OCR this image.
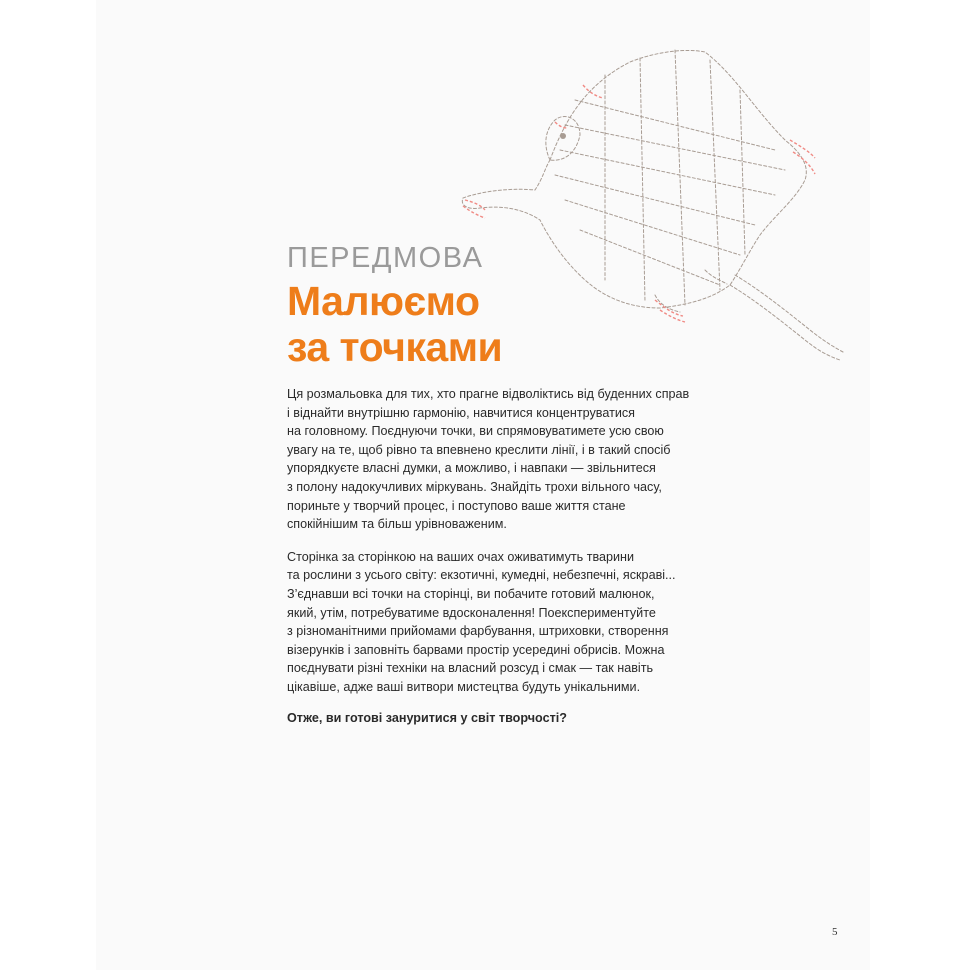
ПЕРЕДМОВА
Малюємо
за точками

Ця розмальовка для тих, хто прагне відволіктись від буденних справ
і віднайти внутрішню гармонію, навчитися концентруватися
на головному. Поєднуючи точки, ви спрямовуватимете усю свою
увагу на те, щоб рівно та впевнено креслити лінії, і в такий спосіб
упорядкуєте власні думки, а можливо, і навпаки — звільнитеся
з полону надокучливих міркувань. Знайдіть трохи вільного часу,
пориньте у творчий процес, і поступово ваше життя стане
спокійнішим та більш урівноваженим.

Сторінка за сторінкою на ваших очах оживатимуть тварини
та рослини з усього світу: екзотичні, кумедні, небезпечні, яскраві...
З’єднавши всі точки на сторінці, ви побачите готовий малюнок,
який, утім, потребуватиме вдосконалення! Поекспериментуйте
з різноманітними прийомами фарбування, штриховки, створення
візерунків і заповніть барвами простір усередині обрисів. Можна
поєднувати різні техніки на власний розсуд і смак — так навіть
цікавіше, адже ваші витвори мистецтва будуть унікальними.

Отже, ви готові зануритися у світ творчості?

5
